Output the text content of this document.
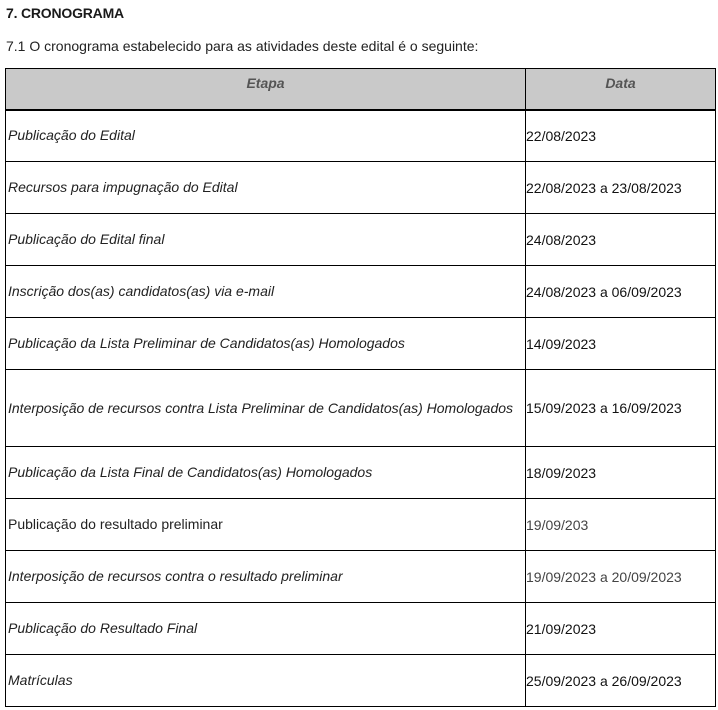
7. CRONOGRAMA
7.1 O cronograma estabelecido para as atividades deste edital é o seguinte:
Etapa	Data
Publicação do Edital	22/08/2023
Recursos para impugnação do Edital	22/08/2023 a 23/08/2023
Publicação do Edital final	24/08/2023
Inscrição dos(as) candidatos(as) via e-mail	24/08/2023 a 06/09/2023
Publicação da Lista Preliminar de Candidatos(as) Homologados	14/09/2023
Interposição de recursos contra Lista Preliminar de Candidatos(as) Homologados	15/09/2023 a 16/09/2023
Publicação da Lista Final de Candidatos(as) Homologados	18/09/2023
Publicação do resultado preliminar	19/09/203
Interposição de recursos contra o resultado preliminar	19/09/2023 a 20/09/2023
Publicação do Resultado Final	21/09/2023
Matrículas	25/09/2023 a 26/09/2023
